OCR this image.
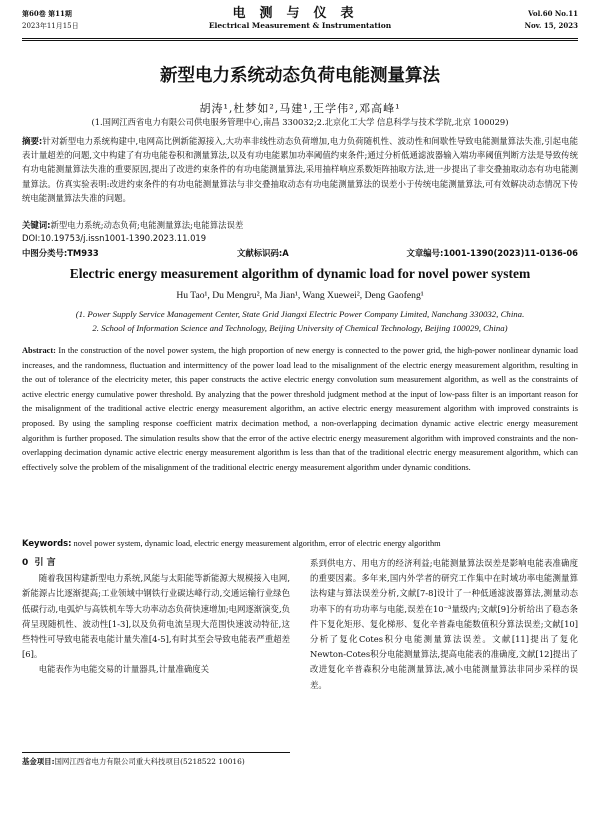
第60卷 第11期
2023年11月15日
电测与仪表
Electrical Measurement & Instrumentation
Vol.60 No.11
Nov. 15, 2023
新型电力系统动态负荷电能测量算法
胡涛¹,杜梦如²,马建¹,王学伟²,邓高峰¹
(1.国网江西省电力有限公司供电服务管理中心,南昌 330032;2.北京化工大学 信息科学与技术学院,北京 100029)
摘要:针对新型电力系统构建中,电网高比例新能源接入,大功率非线性动态负荷增加,电力负荷随机性、波动性和间歇性导致电能测量算法失准,引起电能表计量超差的问题,文中构建了有功电能卷积和测量算法,以及有功电能累加功率阈值约束条件;通过分析低通滤波器输入端功率阈值判断方法是导致传统有功电能测量算法失准的重要原因,提出了改进约束条件的有功电能测量算法,采用抽样响应系数矩阵抽取方法,进一步提出了非交叠抽取动态有功电能测量算法。仿真实验表明:改进约束条件的有功电能测量算法与非交叠抽取动态有功电能测量算法的误差小于传统电能测量算法,可有效解决动态情况下传统电能测量算法失准的问题。
关键词:新型电力系统;动态负荷;电能测量算法;电能算法误差
DOI:10.19753/j.issn1001-1390.2023.11.019
中图分类号:TM933	文献标识码:A	文章编号:1001-1390(2023)11-0136-06
Electric energy measurement algorithm of dynamic load for novel power system
Hu Tao¹, Du Mengru², Ma Jian¹, Wang Xuewei², Deng Gaofeng¹
(1. Power Supply Service Management Center, State Grid Jiangxi Electric Power Company Limited, Nanchang 330032, China.
2. School of Information Science and Technology, Beijing University of Chemical Technology, Beijing 100029, China)
Abstract: In the construction of the novel power system, the high proportion of new energy is connected to the power grid, the high-power nonlinear dynamic load increases, and the randomness, fluctuation and intermittency of the power load lead to the misalignment of the electric energy measurement algorithm, resulting in the out of tolerance of the electricity meter, this paper constructs the active electric energy convolution sum measurement algorithm, as well as the constraints of active electric energy cumulative power threshold. By analyzing that the power threshold judgment method at the input of low-pass filter is an important reason for the misalignment of the traditional active electric energy measurement algorithm, an active electric energy measurement algorithm with improved constraints is proposed. By using the sampling response coefficient matrix decimation method, a non-overlapping decimation dynamic active electric energy measurement algorithm is further proposed. The simulation results show that the error of the active electric energy measurement algorithm with improved constraints and the non-overlapping decimation dynamic active electric energy measurement algorithm is less than that of the traditional electric energy measurement algorithm, which can effectively solve the problem of the misalignment of the traditional electric energy measurement algorithm under dynamic conditions.
Keywords: novel power system, dynamic load, electric energy measurement algorithm, error of electric energy algorithm
0 引 言

随着我国构建新型电力系统,风能与太阳能等新能源大规模接入电网,新能源占比逐渐提高;工业领域中钢铁行业碳达峰行动,交通运输行业绿色低碳行动,电弧炉与高铁机车等大功率动态负荷快速增加;电网逐渐演变,负荷呈现随机性、波动性[1-3],以及负荷电流呈现大范围快速波动特征,这些特性可导致电能表电能计量失准[4-5],有时其至会导致电能表严重超差[6]。

电能表作为电能交易的计量器具,计量准确度关

系到供电方、用电方的经济利益;电能测量算法误差是影响电能表准确度的重要因素。多年来,国内外学者的研究工作集中在时域功率电能测量算法构建与算法误差分析,文献[7-8]设计了一种低通滤波器算法,测量动态功率下的有功功率与电能,误差在10⁻³量级内;文献[9]分析给出了稳态条件下复化矩形、复化梯形、复化辛普森电能数值积分算法误差;文献[10]分析了复化Cotes积分电能测量算法误差。文献[11]提出了复化Newton-Cotes积分电能测量算法,提高电能表的准确度,文献[12]提出了改进复化辛普森积分电能测量算法,减小电能测量算法非同步采样的误差。

基金项目:国网江西省电力有限公司重大科技项目(5218522 10016)
